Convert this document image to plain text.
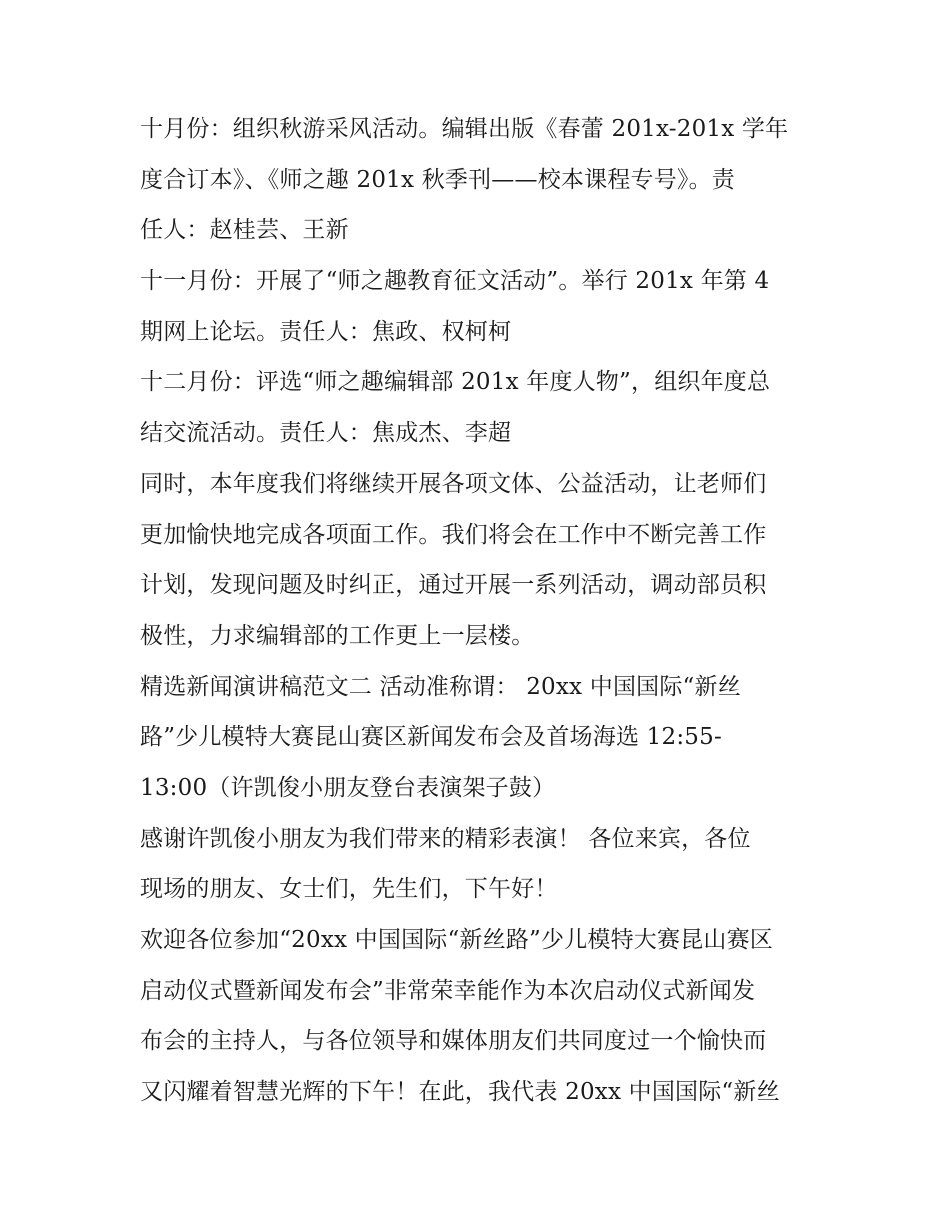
十月份：组织秋游采风活动。编辑出版《春蕾 201x-201x 学年
度合订本》、《师之趣 201x 秋季刊——校本课程专号》。责
任人：赵桂芸、王新
十一月份：开展了“师之趣教育征文活动”。举行 201x 年第 4
期网上论坛。责任人：焦政、权柯柯
十二月份：评选“师之趣编辑部 201x 年度人物”，组织年度总
结交流活动。责任人：焦成杰、李超
同时，本年度我们将继续开展各项文体、公益活动，让老师们
更加愉快地完成各项面工作。我们将会在工作中不断完善工作
计划，发现问题及时纠正，通过开展一系列活动，调动部员积
极性，力求编辑部的工作更上一层楼。
精选新闻演讲稿范文二 活动准称谓： 20xx 中国国际“新丝
路”少儿模特大赛昆山赛区新闻发布会及首场海选 12:55-
13:00（许凯俊小朋友登台表演架子鼓）
感谢许凯俊小朋友为我们带来的精彩表演！ 各位来宾，各位
现场的朋友、女士们，先生们，下午好！
欢迎各位参加“20xx 中国国际“新丝路”少儿模特大赛昆山赛区
启动仪式暨新闻发布会”非常荣幸能作为本次启动仪式新闻发
布会的主持人，与各位领导和媒体朋友们共同度过一个愉快而
又闪耀着智慧光辉的下午！在此，我代表 20xx 中国国际“新丝
